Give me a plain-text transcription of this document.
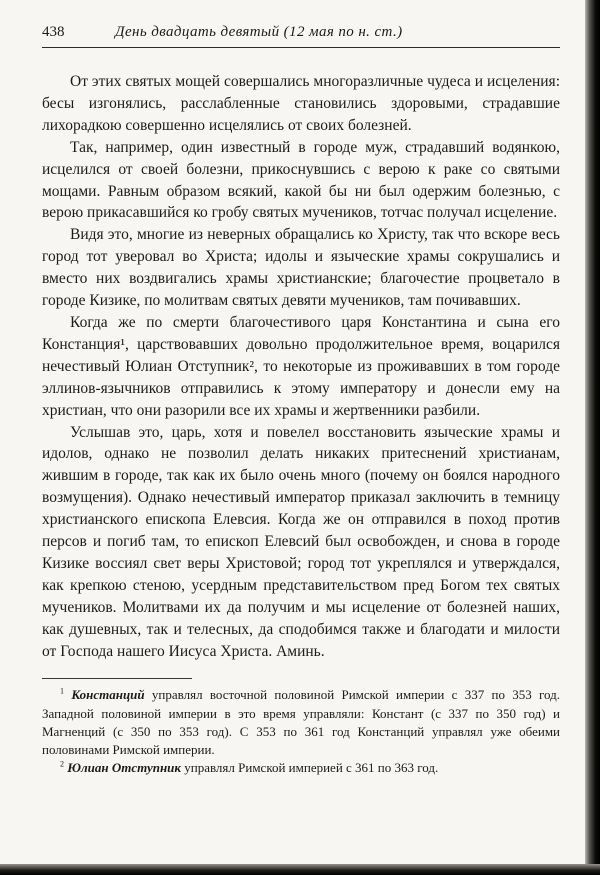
438	День двадцать девятый (12 мая по н. ст.)

От этих святых мощей совершались многоразличные чудеса и исцеления: бесы изгонялись, расслабленные становились здоровыми, страдавшие лихорадкою совершенно исцелялись от своих болезней.

Так, например, один известный в городе муж, страдавший водянкою, исцелился от своей болезни, прикоснувшись с верою к раке со святыми мощами. Равным образом всякий, какой бы ни был одержим болезнью, с верою прикасавшийся ко гробу святых мучеников, тотчас получал исцеление.

Видя это, многие из неверных обращались ко Христу, так что вскоре весь город тот уверовал во Христа; идолы и языческие храмы сокрушались и вместо них воздвигались храмы христианские; благочестие процветало в городе Кизике, по молитвам святых девяти мучеников, там почивавших.

Когда же по смерти благочестивого царя Константина и сына его Констанция¹, царствовавших довольно продолжительное время, воцарился нечестивый Юлиан Отступник², то некоторые из проживавших в том городе эллинов-язычников отправились к этому императору и донесли ему на христиан, что они разорили все их храмы и жертвенники разбили.

Услышав это, царь, хотя и повелел восстановить языческие храмы и идолов, однако не позволил делать никаких притеснений христианам, жившим в городе, так как их было очень много (почему он боялся народного возмущения). Однако нечестивый император приказал заключить в темницу христианского епископа Елевсия. Когда же он отправился в поход против персов и погиб там, то епископ Елевсий был освобожден, и снова в городе Кизике воссиял свет веры Христовой; город тот укреплялся и утверждался, как крепкою стеною, усердным представительством пред Богом тех святых мучеников. Молитвами их да получим и мы исцеление от болезней наших, как душевных, так и телесных, да сподобимся также и благодати и милости от Господа нашего Иисуса Христа. Аминь.

$^1$ Констанций управлял восточной половиной Римской империи с 337 по 353 год. Западной половиной империи в это время управляли: Констант (с 337 по 350 год) и Магненций (с 350 по 353 год). С 353 по 361 год Констанций управлял уже обеими половинами Римской империи.

$^2$ Юлиан Отступник управлял Римской империей с 361 по 363 год.
